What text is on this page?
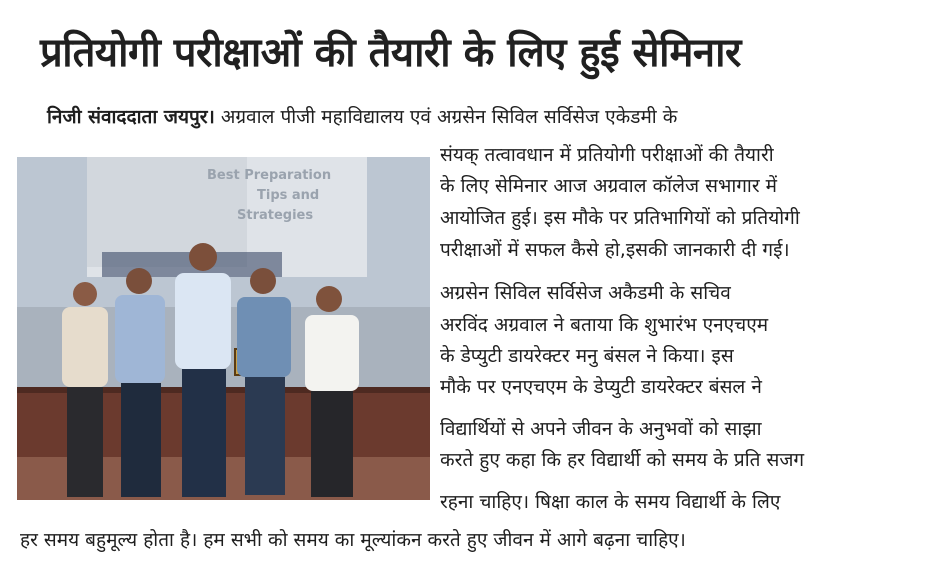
प्रतियोगी परीक्षाओं की तैयारी के लिए हुई सेमिनार
निजी संवाददाता जयपुर। अग्रवाल पीजी महाविद्यालय एवं अग्रसेन सिविल सर्विसेज एकेडमी के
संयक् तत्वावधान में प्रतियोगी परीक्षाओं की तैयारी
के लिए सेमिनार आज अग्रवाल कॉलेज सभागार में
आयोजित हुई। इस मौके पर प्रतिभागियों को प्रतियोगी
परीक्षाओं में सफल कैसे हो,इसकी जानकारी दी गई।
अग्रसेन सिविल सर्विसेज अकैडमी के सचिव
अरविंद अग्रवाल ने बताया कि शुभारंभ एनएचएम
के डेप्युटी डायरेक्टर मनु बंसल ने किया। इस
मौके पर एनएचएम के डेप्युटी डायरेक्टर बंसल ने
विद्यार्थियों से अपने जीवन के अनुभवों को साझा
करते हुए कहा कि हर विद्यार्थी को समय के प्रति सजग
रहना चाहिए। षिक्षा काल के समय विद्यार्थी के लिए
हर समय बहुमूल्य होता है। हम सभी को समय का मूल्यांकन करते हुए जीवन में आगे बढ़ना चाहिए।
Best Preparation
Tips and
Strategies
